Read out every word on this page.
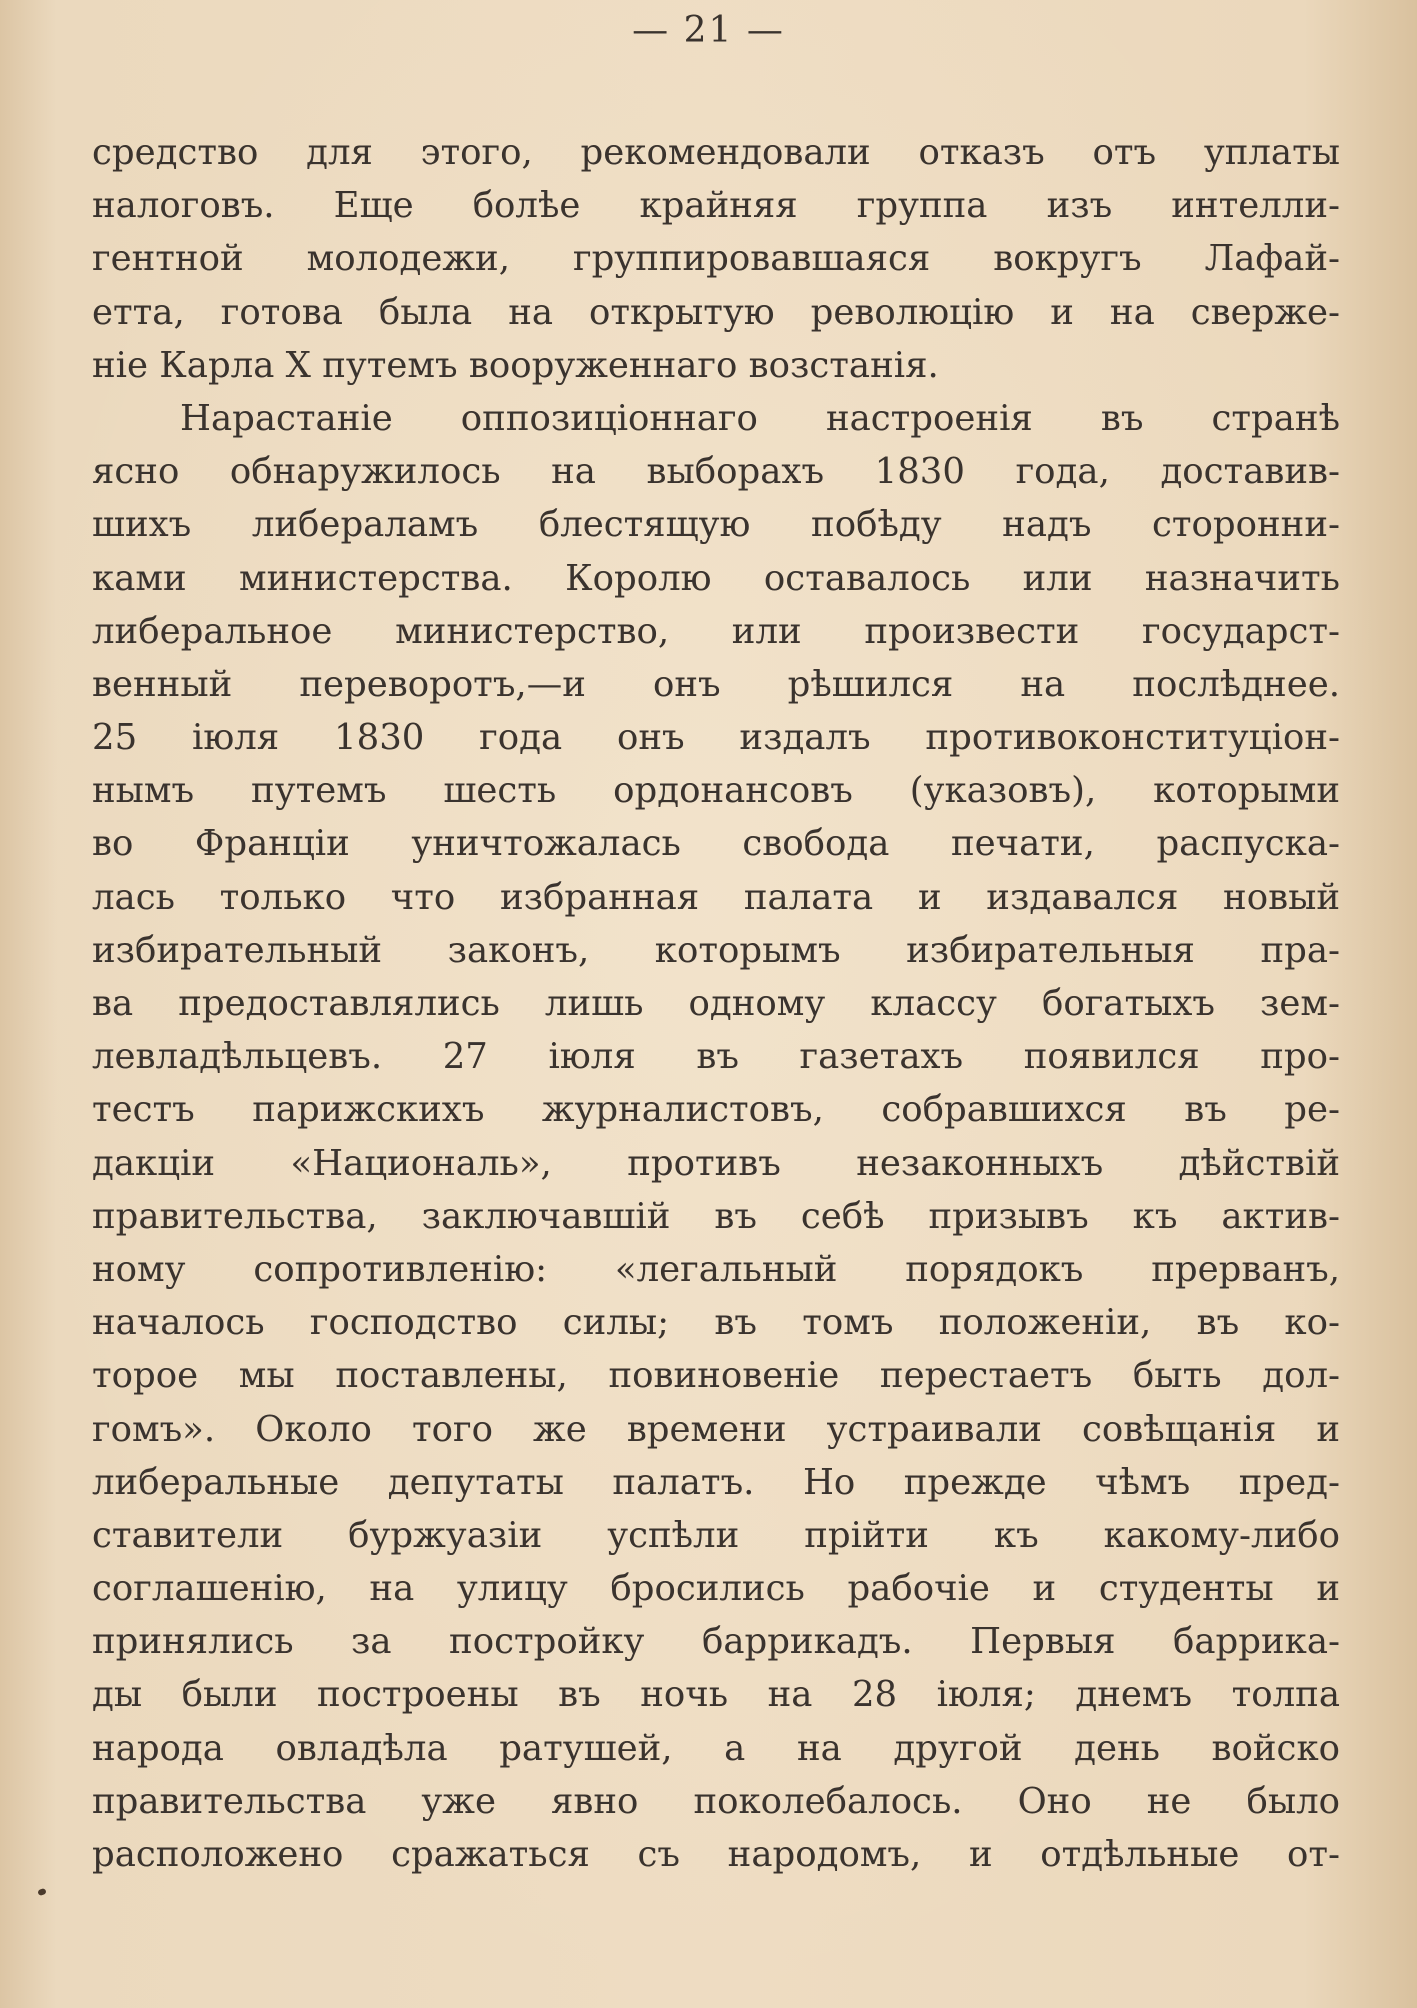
— 21 —
средство для этого, рекомендовали отказъ отъ уплаты
налоговъ. Еще болѣе крайняя группа изъ интелли-
гентной молодежи, группировавшаяся вокругъ Лафай-
етта, готова была на открытую революцію и на сверже-
ніе Карла X путемъ вооруженнаго возстанія.
Нарастаніе оппозиціоннаго настроенія въ странѣ
ясно обнаружилось на выборахъ 1830 года, доставив-
шихъ либераламъ блестящую побѣду надъ сторонни-
ками министерства. Королю оставалось или назначить
либеральное министерство, или произвести государст-
венный переворотъ,—и онъ рѣшился на послѣднее.
25 іюля 1830 года онъ издалъ противоконституціон-
нымъ путемъ шесть ордонансовъ (указовъ), которыми
во Франціи уничтожалась свобода печати, распуска-
лась только что избранная палата и издавался новый
избирательный законъ, которымъ избирательныя пра-
ва предоставлялись лишь одному классу богатыхъ зем-
левладѣльцевъ. 27 іюля въ газетахъ появился про-
тестъ парижскихъ журналистовъ, собравшихся въ ре-
дакціи «Националь», противъ незаконныхъ дѣйствій
правительства, заключавшій въ себѣ призывъ къ актив-
ному сопротивленію: «легальный порядокъ прерванъ,
началось господство силы; въ томъ положеніи, въ ко-
торое мы поставлены, повиновеніе перестаетъ быть дол-
гомъ». Около того же времени устраивали совѣщанія и
либеральные депутаты палатъ. Но прежде чѣмъ пред-
ставители буржуазіи успѣли прійти къ какому-либо
соглашенію, на улицу бросились рабочіе и студенты и
принялись за постройку баррикадъ. Первыя баррика-
ды были построены въ ночь на 28 іюля; днемъ толпа
народа овладѣла ратушей, а на другой день войско
правительства уже явно поколебалось. Оно не было
расположено сражаться съ народомъ, и отдѣльные от-
